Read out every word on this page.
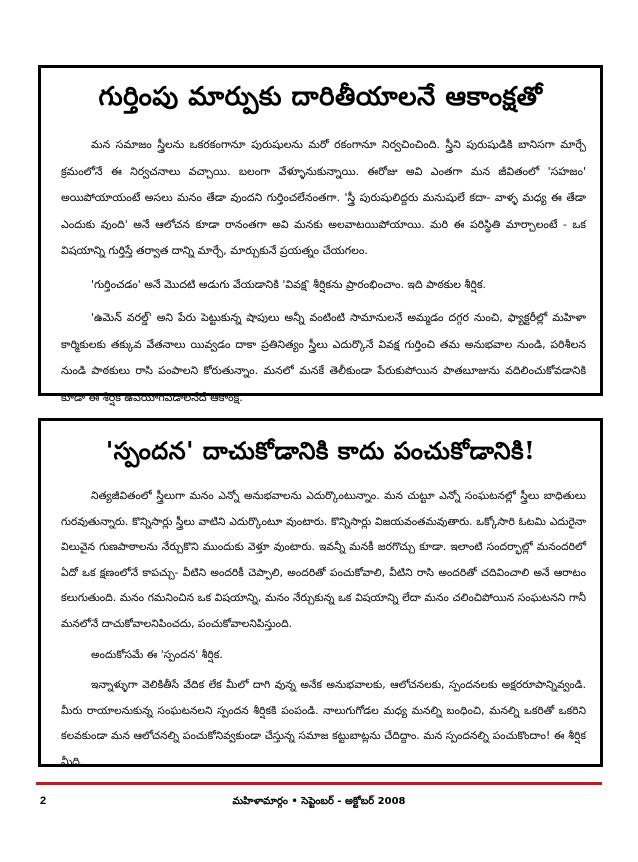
గుర్తింపు మార్పుకు దారితీయాలనే ఆకాంక్షతో

మన సమాజం స్త్రీలను ఒకరకంగానూ పురుషులను మరో రకంగానూ నిర్వచించింది. స్త్రీని పురుషుడికి బానిసగా మార్చే క్రమంలోనే ఈ నిర్వచనాలు వచ్చాయి. బలంగా వేళ్ళూనుకున్నాయి. ఈరోజు అవి ఎంతగా మన జీవితంలో 'సహజం' అయిపోయాయంటే అసలు మనం తేడా వుందని గుర్తించలేనంతగా. 'స్త్రీ పురుషులిద్దరు మనుషులే కదా- వాళ్ళ మధ్య ఈ తేడా ఎందుకు వుంది' అనే ఆలోచన కూడా రానంతగా అవి మనకు అలవాటయిపోయాయి. మరి ఈ పరిస్థితి మార్చాలంటే - ఒక విషయాన్ని గుర్తిస్తే తర్వాత దాన్ని మార్చే, మార్చుకునే ప్రయత్నం చేయగలం.

'గుర్తించడం' అనే మొదటి అడుగు వేయడానికి 'వివక్ష' శీర్షికను ప్రారంభించాం. ఇది పాఠకుల శీర్షిక.

'ఉమెన్ వరల్డ్' అని పేరు పెట్టుకున్న షాపులు అన్నీ వంటింటి సామానులనే అమ్మడం దగ్గర నుంచి, ఫ్యాక్టరీల్లో మహిళా కార్మికులకు తక్కువ వేతనాలు యివ్వడం దాకా ప్రతినిత్యం స్త్రీలు ఎదుర్కొనే వివక్ష గుర్తించి తమ అనుభవాల నుండి, పరిశీలన నుండి పాఠకులు రాసి పంపాలని కోరుతున్నాం. మనలో మనకే తెలీకుండా పేరుకుపోయిన పాతబూజును వదిలించుకోవడానికి కూడా ఈ శీర్షిక ఉపయోగపడాలనేదే ఆకాంక్ష.

'స్పందన' దాచుకోడానికి కాదు పంచుకోడానికి!

నిత్యజీవితంలో స్త్రీలుగా మనం ఎన్నో అనుభవాలను ఎదుర్కొంటున్నాం. మన చుట్టూ ఎన్నో సంఘటనల్లో స్త్రీలు బాధితులు గురవుతున్నారు. కొన్నిసార్లు స్త్రీలు వాటిని ఎదుర్కొంటూ వుంటారు. కొన్నిసార్లు విజయవంతమవుతారు. ఒక్కోసారి ఓటమి ఎదురైనా విలువైన గుణపాఠాలను నేర్చుకొని ముందుకు వెళ్తూ వుంటారు. ఇవన్నీ మనకీ జరగొచ్చు కూడా. ఇలాంటి సందర్భాల్లో మనందరిలో ఏదో ఒక క్షణంలోనే కాపచ్చు- వీటిని అందరికీ చెప్పాలి, అందరితో పంచుకోవాలి, వీటిని రాసి అందరితో చదివించాలి అనే ఆరాటం కలుగుతుంది. మనం గమనించిన ఒక విషయాన్ని, మనం నేర్చుకున్న ఒక విషయాన్ని లేదా మనం చలించిపోయిన సంఘటనని గానీ మనలోనే దాచుకోవాలనిపించదు, పంచుకోవాలనిపిస్తుంది.

అందుకోసమే ఈ 'స్పందన' శీర్షిక.

ఇన్నాళ్ళుగా వెలికితీసే వేదిక లేక మీలో దాగి వున్న అనేక అనుభవాలకు, ఆలోచనలకు, స్పందనలకు అక్షరరూపాన్నివ్వండి. మీరు రాయాలనుకున్న సంఘటనలని స్పందన శీర్షికకి పంపండి. నాలుగుగోడల మధ్య మనల్ని బంధించి, మనల్ని ఒకరితో ఒకరిని కలవకుండా మన ఆలోచనల్ని పంచుకోనివ్వకుండా చేస్తున్న సమాజ కట్టుబాట్లను చేదిద్దాం. మన స్పందనల్ని పంచుకొందాం! ఈ శీర్షిక మీది.

2	మహిళామార్గం • సెప్టెంబర్ - అక్టోబర్ 2008
